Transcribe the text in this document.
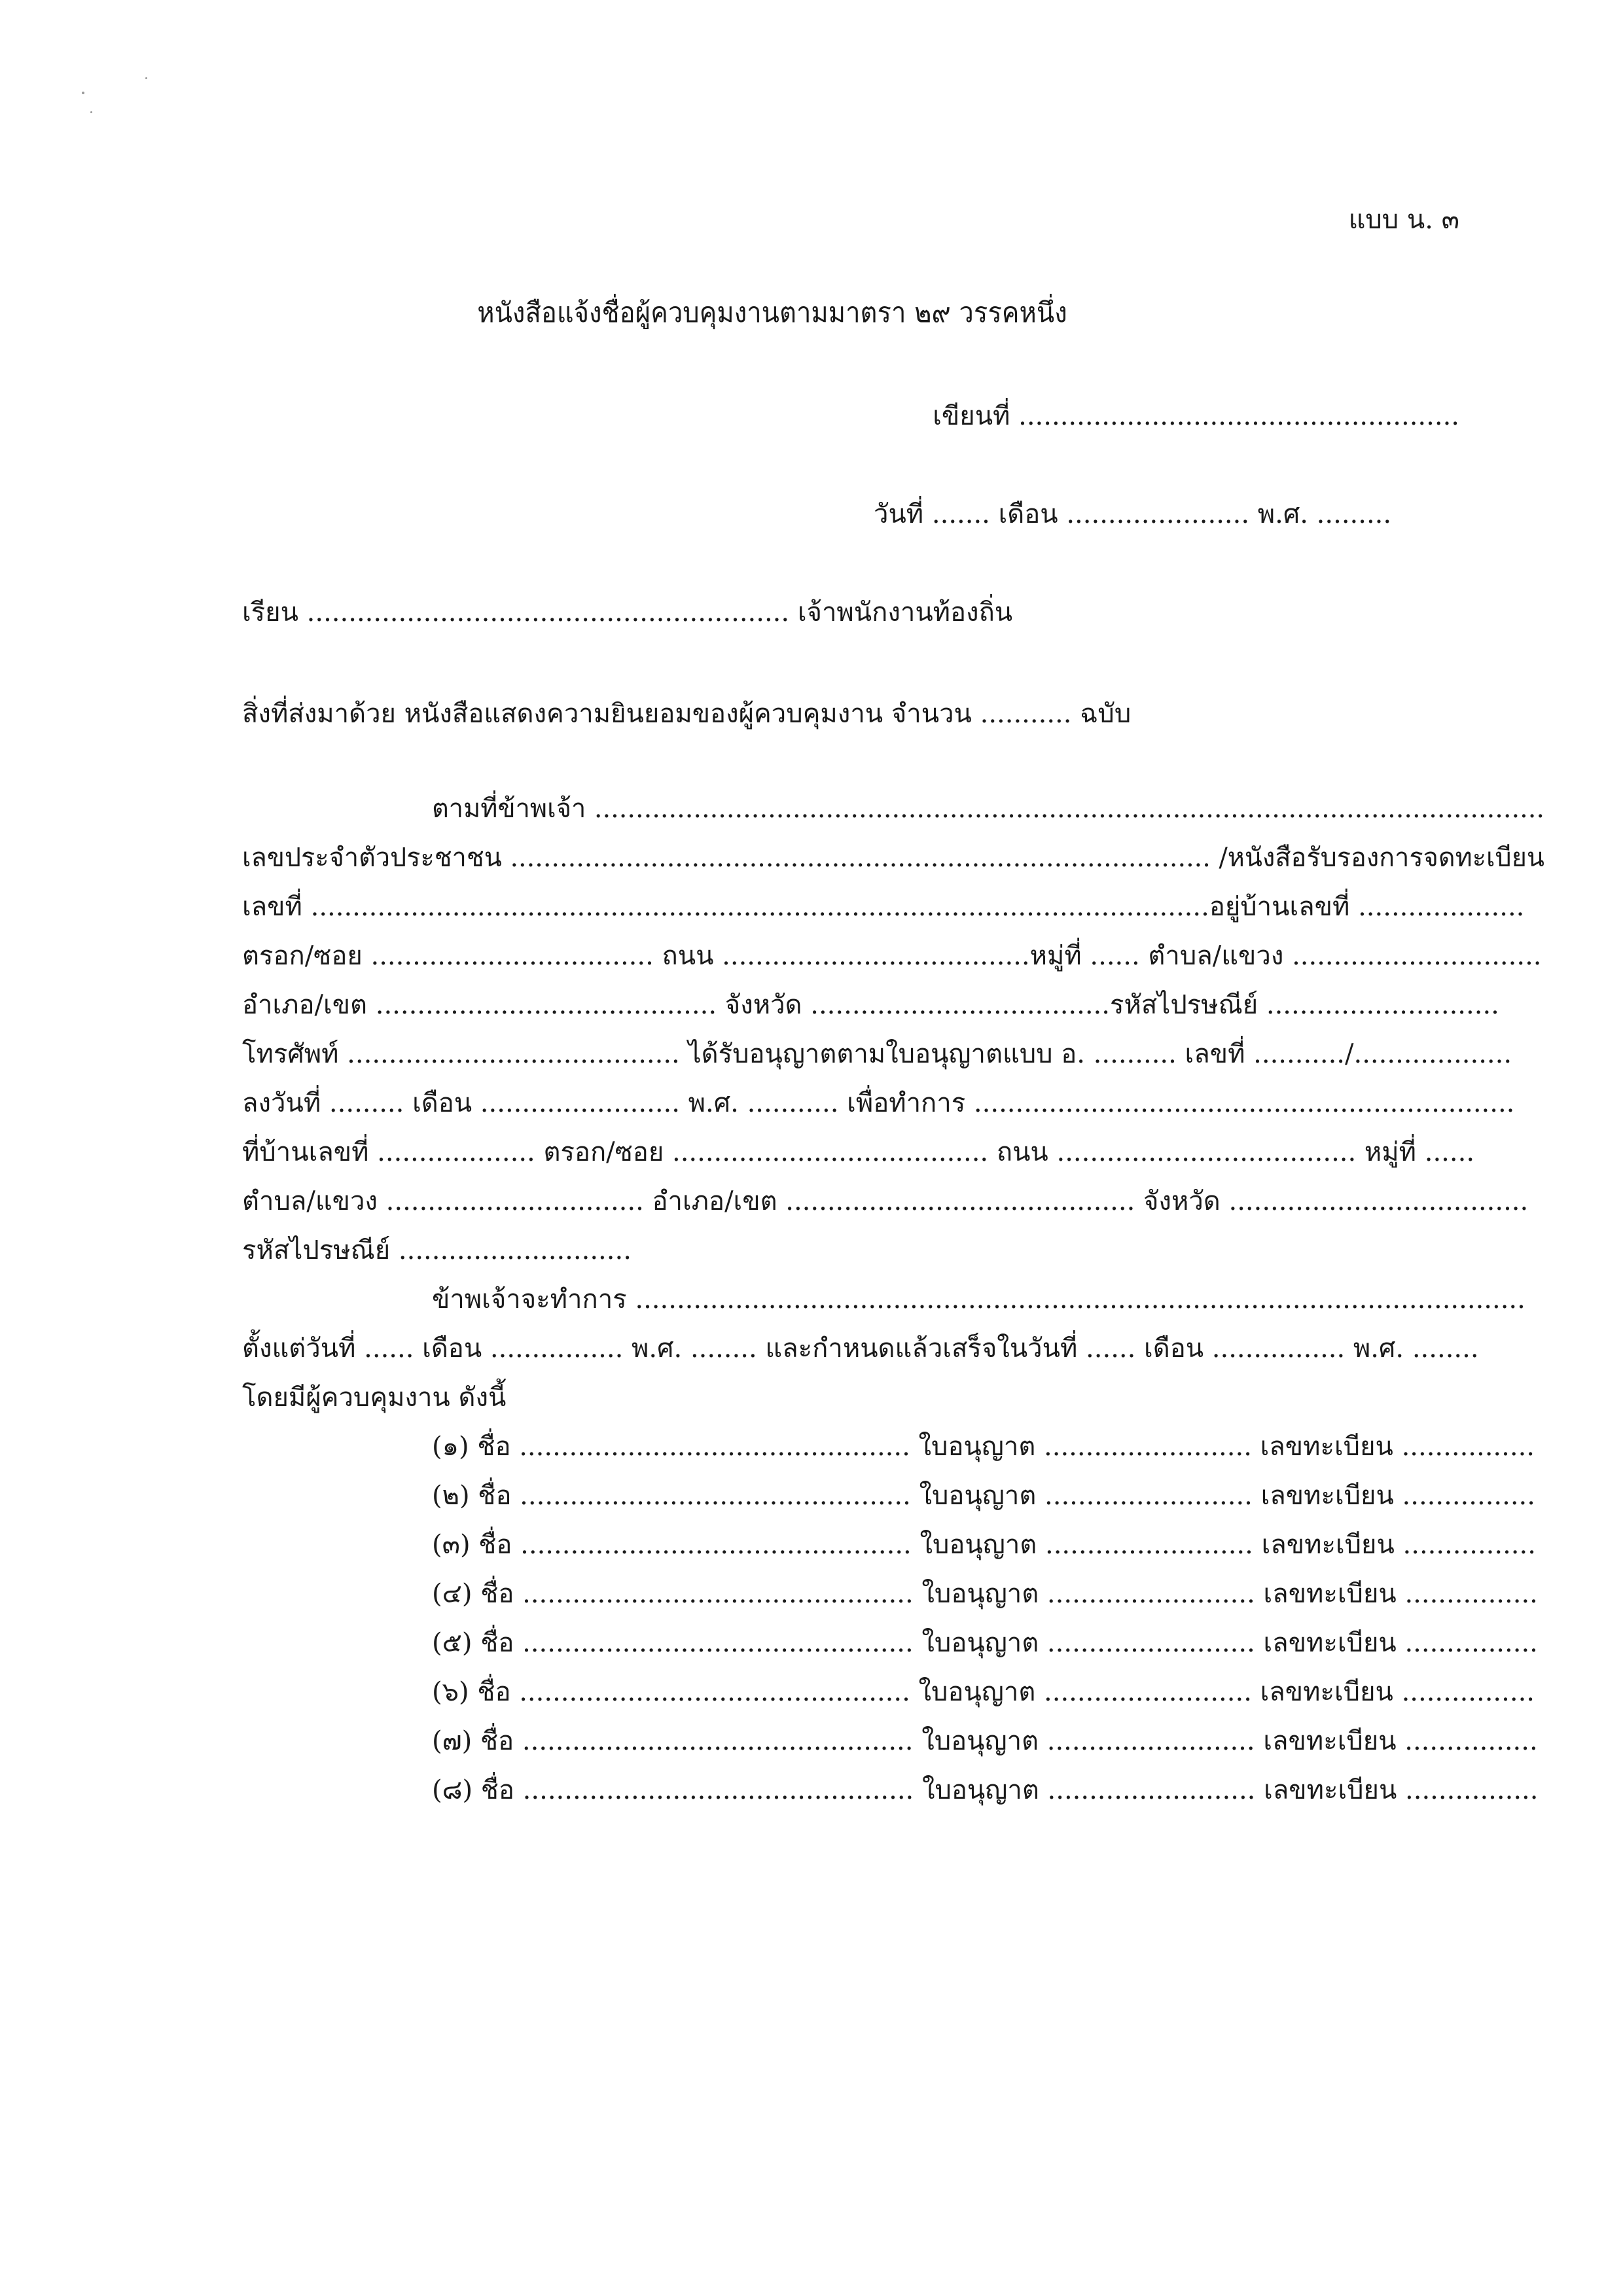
แบบ น. ๓
หนังสือแจ้งชื่อผู้ควบคุมงานตามมาตรา ๒๙ วรรคหนึ่ง
เขียนที่ .....................................................
วันที่ ....... เดือน ...................... พ.ศ. .........
เรียน .......................................................... เจ้าพนักงานท้องถิ่น
สิ่งที่ส่งมาด้วย หนังสือแสดงความยินยอมของผู้ควบคุมงาน จำนวน ........... ฉบับ
ตามที่ข้าพเจ้า ...................................................................................................................
เลขประจำตัวประชาชน ..................................................................................... /หนังสือรับรองการจดทะเบียน
เลขที่ ............................................................................................................อยู่บ้านเลขที่ ....................
ตรอก/ซอย .................................. ถนน .....................................หมู่ที่ ...... ตำบล/แขวง ..............................
อำเภอ/เขต ......................................... จังหวัด ....................................รหัสไปรษณีย์ ............................
โทรศัพท์ ........................................ ได้รับอนุญาตตามใบอนุญาตแบบ อ. .......... เลขที่ .........../...................
ลงวันที่ ......... เดือน ........................ พ.ศ. ........... เพื่อทำการ .................................................................
ที่บ้านเลขที่ ................... ตรอก/ซอย ...................................... ถนน .................................... หมู่ที่ ......
ตำบล/แขวง ............................... อำเภอ/เขต .......................................... จังหวัด ....................................
รหัสไปรษณีย์ ............................
ข้าพเจ้าจะทำการ ...........................................................................................................
ตั้งแต่วันที่ ...... เดือน ................ พ.ศ. ........ และกำหนดแล้วเสร็จในวันที่ ...... เดือน ................ พ.ศ. ........
โดยมีผู้ควบคุมงาน ดังนี้
(๑) ชื่อ ............................................... ใบอนุญาต ......................... เลขทะเบียน ................
(๒) ชื่อ ............................................... ใบอนุญาต ......................... เลขทะเบียน ................
(๓) ชื่อ ............................................... ใบอนุญาต ......................... เลขทะเบียน ................
(๔) ชื่อ ............................................... ใบอนุญาต ......................... เลขทะเบียน ................
(๕) ชื่อ ............................................... ใบอนุญาต ......................... เลขทะเบียน ................
(๖) ชื่อ ............................................... ใบอนุญาต ......................... เลขทะเบียน ................
(๗) ชื่อ ............................................... ใบอนุญาต ......................... เลขทะเบียน ................
(๘) ชื่อ ............................................... ใบอนุญาต ......................... เลขทะเบียน ................
